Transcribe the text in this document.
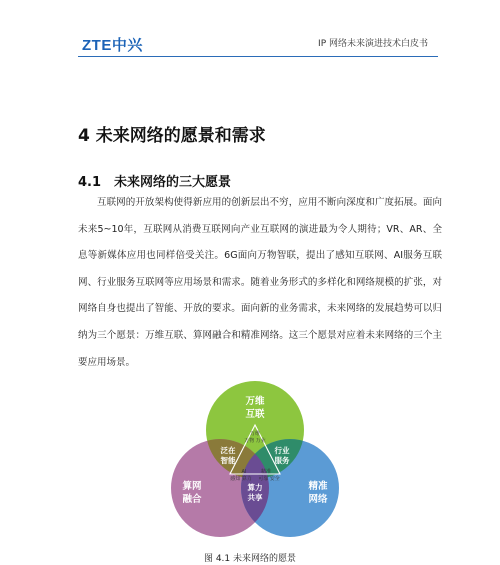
ZTE中兴	IP 网络未来演进技术白皮书
4 未来网络的愿景和需求
4.1 未来网络的三大愿景

互联网的开放架构使得新应用的创新层出不穷，应用不断向深度和广度拓展。面向未来5~10年，互联网从消费互联网向产业互联网的演进最为令人期待；VR、AR、全息等新媒体应用也同样倍受关注。6G面向万物智联，提出了感知互联网、AI服务互联网、行业服务互联网等应用场景和需求。随着业务形式的多样化和网络规模的扩张，对网络自身也提出了智能、开放的要求。面向新的业务需求，未来网络的发展趋势可以归纳为三个愿景：万维互联、算网融合和精准网络。这三个愿景对应着未来网络的三个主要应用场景。

万维
互联
算网
融合
精准
网络
泛在
智能
行业
服务
算力
共享
万维
万物 万业
AI
感知 算力
精准
可靠 安全
图 4.1 未来网络的愿景
